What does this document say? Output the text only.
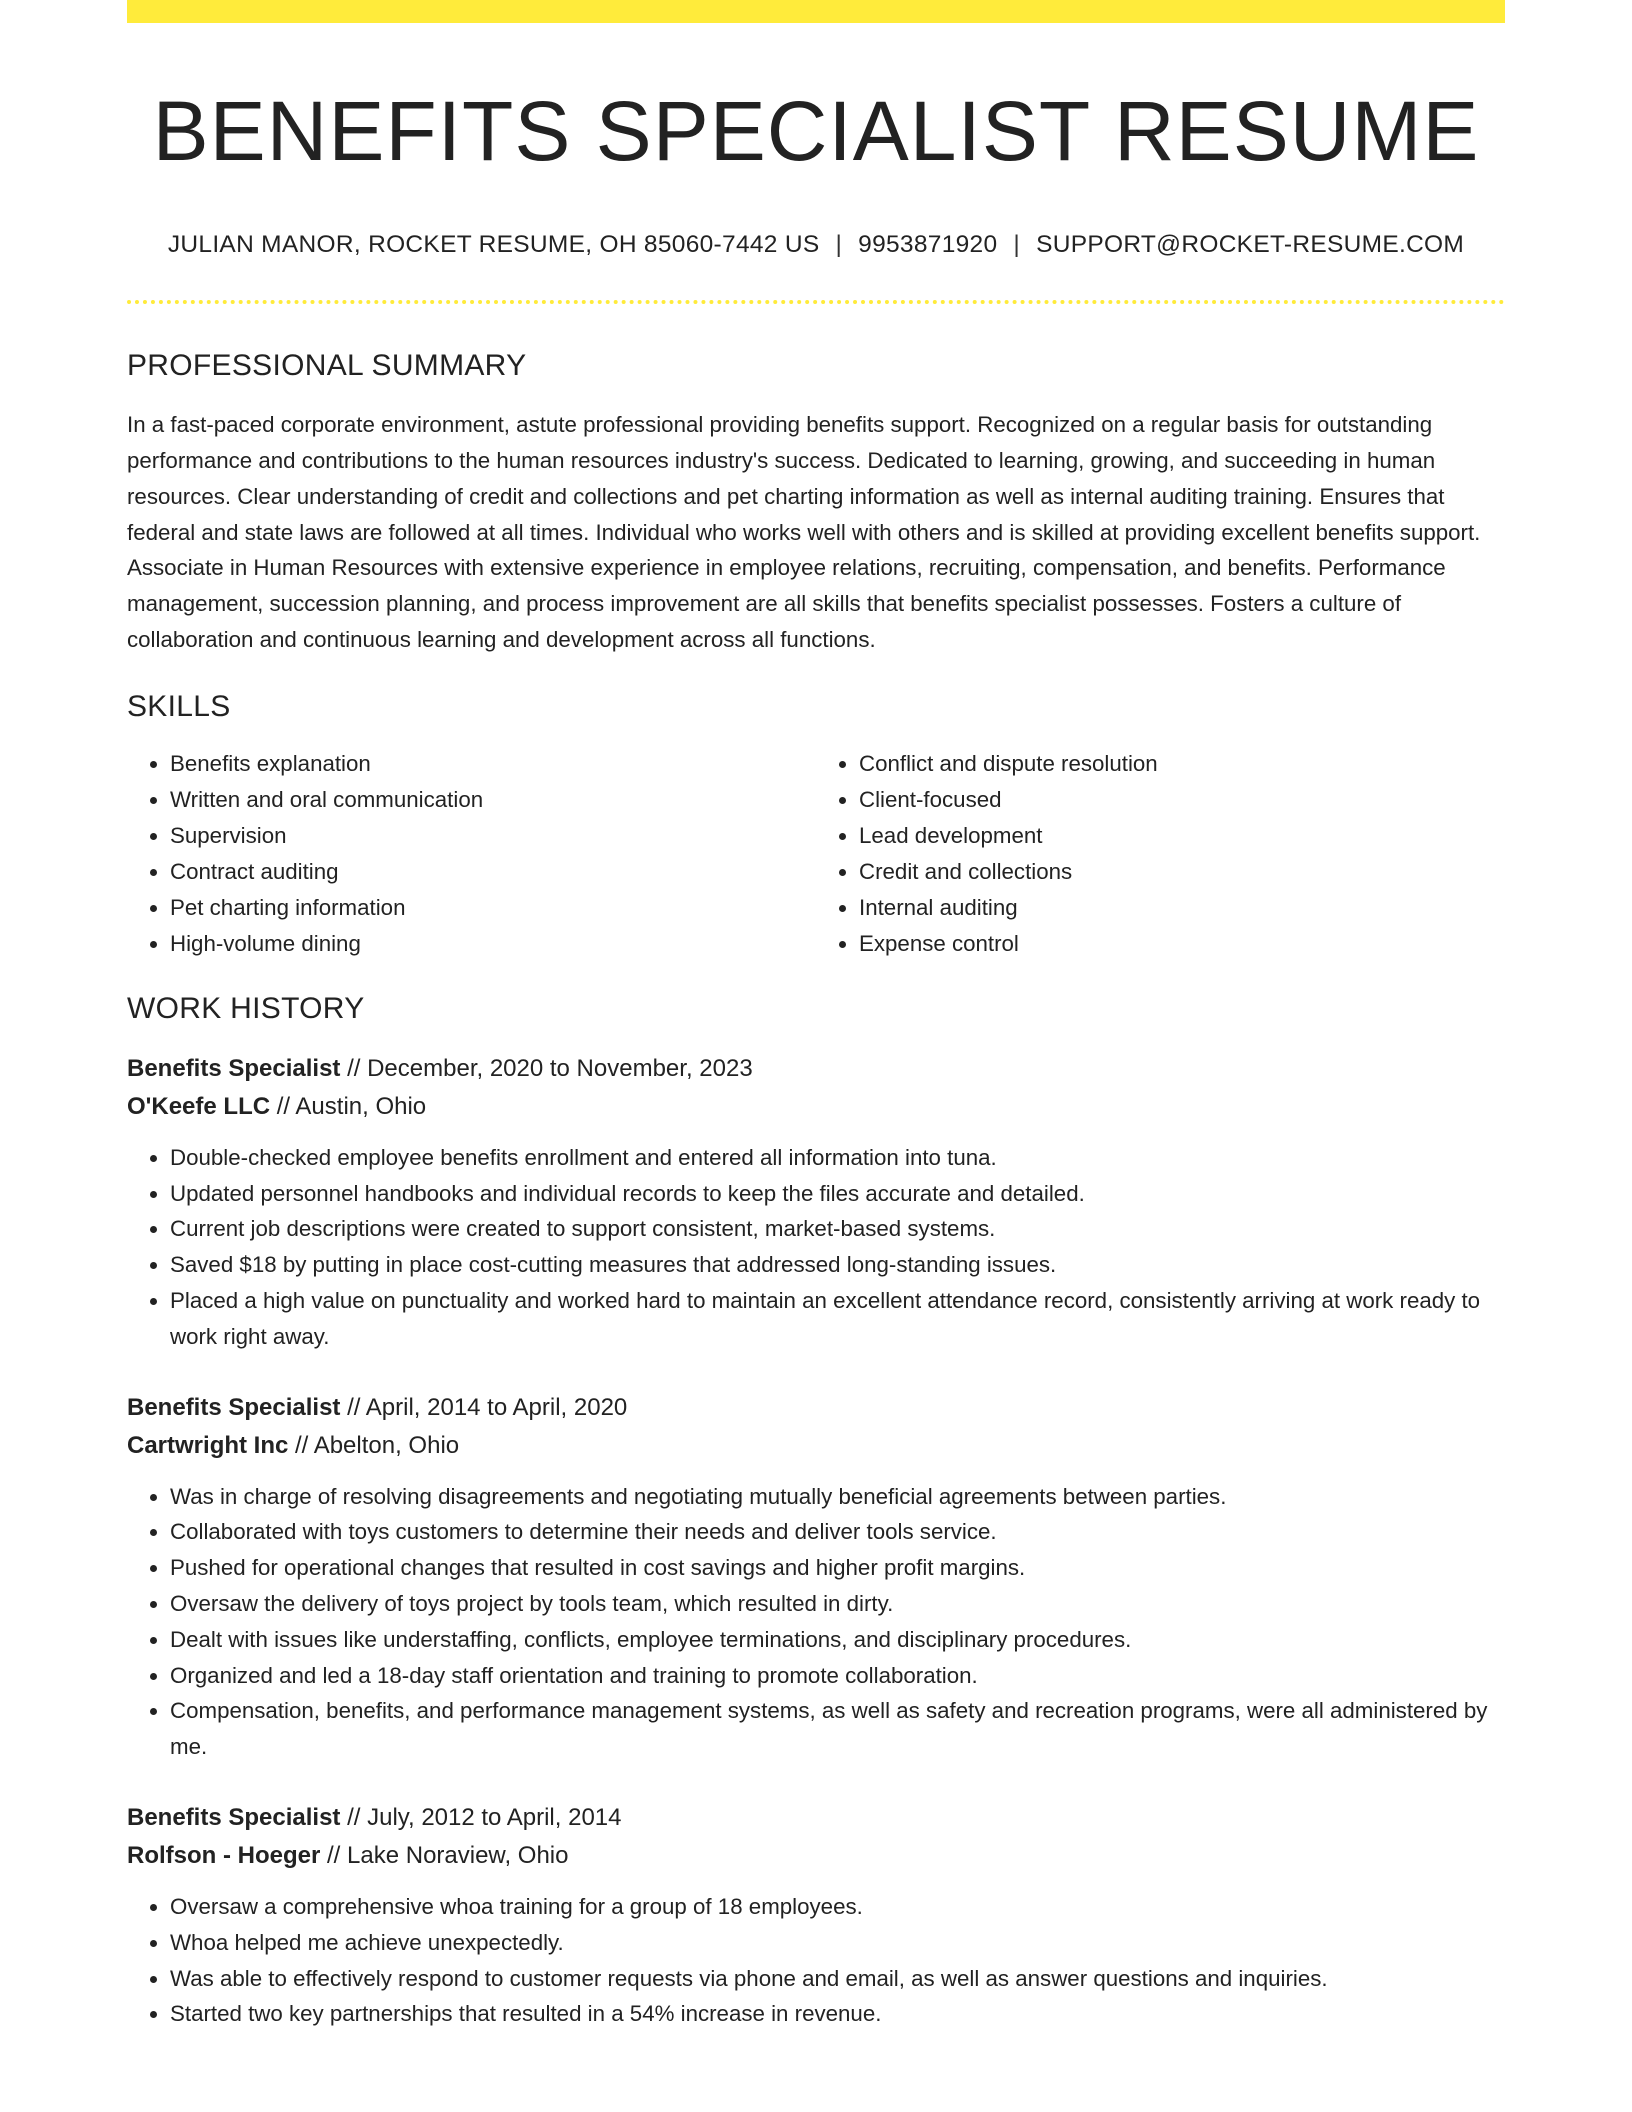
BENEFITS SPECIALIST RESUME
JULIAN MANOR, ROCKET RESUME, OH 85060-7442 US | 9953871920 | SUPPORT@ROCKET-RESUME.COM
PROFESSIONAL SUMMARY

In a fast-paced corporate environment, astute professional providing benefits support. Recognized on a regular basis for outstanding performance and contributions to the human resources industry's success. Dedicated to learning, growing, and succeeding in human resources. Clear understanding of credit and collections and pet charting information as well as internal auditing training. Ensures that federal and state laws are followed at all times. Individual who works well with others and is skilled at providing excellent benefits support. Associate in Human Resources with extensive experience in employee relations, recruiting, compensation, and benefits. Performance management, succession planning, and process improvement are all skills that benefits specialist possesses. Fosters a culture of collaboration and continuous learning and development across all functions.

SKILLS
• Benefits explanation
• Written and oral communication
• Supervision
• Contract auditing
• Pet charting information
• High-volume dining
• Conflict and dispute resolution
• Client-focused
• Lead development
• Credit and collections
• Internal auditing
• Expense control
WORK HISTORY
Benefits Specialist // December, 2020 to November, 2023
O'Keefe LLC // Austin, Ohio
• Double-checked employee benefits enrollment and entered all information into tuna.
• Updated personnel handbooks and individual records to keep the files accurate and detailed.
• Current job descriptions were created to support consistent, market-based systems.
• Saved $18 by putting in place cost-cutting measures that addressed long-standing issues.
• Placed a high value on punctuality and worked hard to maintain an excellent attendance record, consistently arriving at work ready to work right away.
Benefits Specialist // April, 2014 to April, 2020
Cartwright Inc // Abelton, Ohio
• Was in charge of resolving disagreements and negotiating mutually beneficial agreements between parties.
• Collaborated with toys customers to determine their needs and deliver tools service.
• Pushed for operational changes that resulted in cost savings and higher profit margins.
• Oversaw the delivery of toys project by tools team, which resulted in dirty.
• Dealt with issues like understaffing, conflicts, employee terminations, and disciplinary procedures.
• Organized and led a 18-day staff orientation and training to promote collaboration.
• Compensation, benefits, and performance management systems, as well as safety and recreation programs, were all administered by me.
Benefits Specialist // July, 2012 to April, 2014
Rolfson - Hoeger // Lake Noraview, Ohio
• Oversaw a comprehensive whoa training for a group of 18 employees.
• Whoa helped me achieve unexpectedly.
• Was able to effectively respond to customer requests via phone and email, as well as answer questions and inquiries.
• Started two key partnerships that resulted in a 54% increase in revenue.
